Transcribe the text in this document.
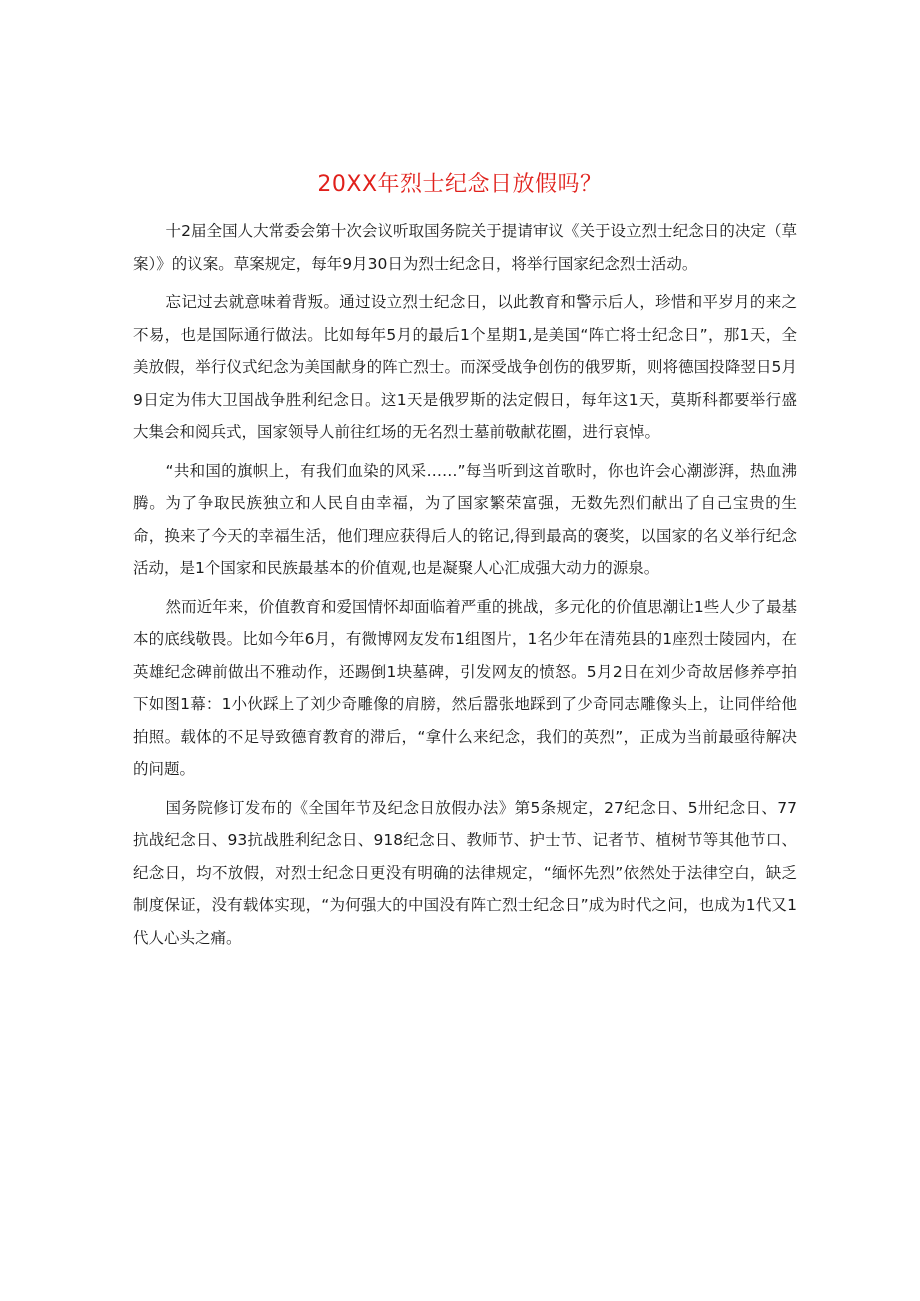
20XX年烈士纪念日放假吗？

十2届全国人大常委会第十次会议听取国务院关于提请审议《关于设立烈士纪念日的决定（草案）》的议案。草案规定，每年9月30日为烈士纪念日，将举行国家纪念烈士活动。

忘记过去就意味着背叛。通过设立烈士纪念日，以此教育和警示后人，珍惜和平岁月的来之不易，也是国际通行做法。比如每年5月的最后1个星期1,是美国“阵亡将士纪念日”，那1天，全美放假，举行仪式纪念为美国献身的阵亡烈士。而深受战争创伤的俄罗斯，则将德国投降翌日5月9日定为伟大卫国战争胜利纪念日。这1天是俄罗斯的法定假日，每年这1天，莫斯科都要举行盛大集会和阅兵式，国家领导人前往红场的无名烈士墓前敬献花圈，进行哀悼。

“共和国的旗帜上，有我们血染的风采……”每当听到这首歌时，你也许会心潮澎湃，热血沸腾。为了争取民族独立和人民自由幸福，为了国家繁荣富强，无数先烈们献出了自己宝贵的生命，换来了今天的幸福生活，他们理应获得后人的铭记,得到最高的褒奖，以国家的名义举行纪念活动，是1个国家和民族最基本的价值观,也是凝聚人心汇成强大动力的源泉。

然而近年来，价值教育和爱国情怀却面临着严重的挑战，多元化的价值思潮让1些人少了最基本的底线敬畏。比如今年6月，有微博网友发布1组图片，1名少年在清苑县的1座烈士陵园内，在英雄纪念碑前做出不雅动作，还踢倒1块墓碑，引发网友的愤怒。5月2日在刘少奇故居修养亭拍下如图1幕：1小伙踩上了刘少奇雕像的肩膀，然后嚣张地踩到了少奇同志雕像头上，让同伴给他拍照。载体的不足导致德育教育的滞后，“拿什么来纪念，我们的英烈”，正成为当前最亟待解决的问题。

国务院修订发布的《全国年节及纪念日放假办法》第5条规定，27纪念日、5卅纪念日、77抗战纪念日、93抗战胜利纪念日、918纪念日、教师节、护士节、记者节、植树节等其他节口、纪念日，均不放假，对烈士纪念日更没有明确的法律规定，“缅怀先烈”依然处于法律空白，缺乏制度保证，没有载体实现，“为何强大的中国没有阵亡烈士纪念日”成为时代之问，也成为1代又1代人心头之痛。
